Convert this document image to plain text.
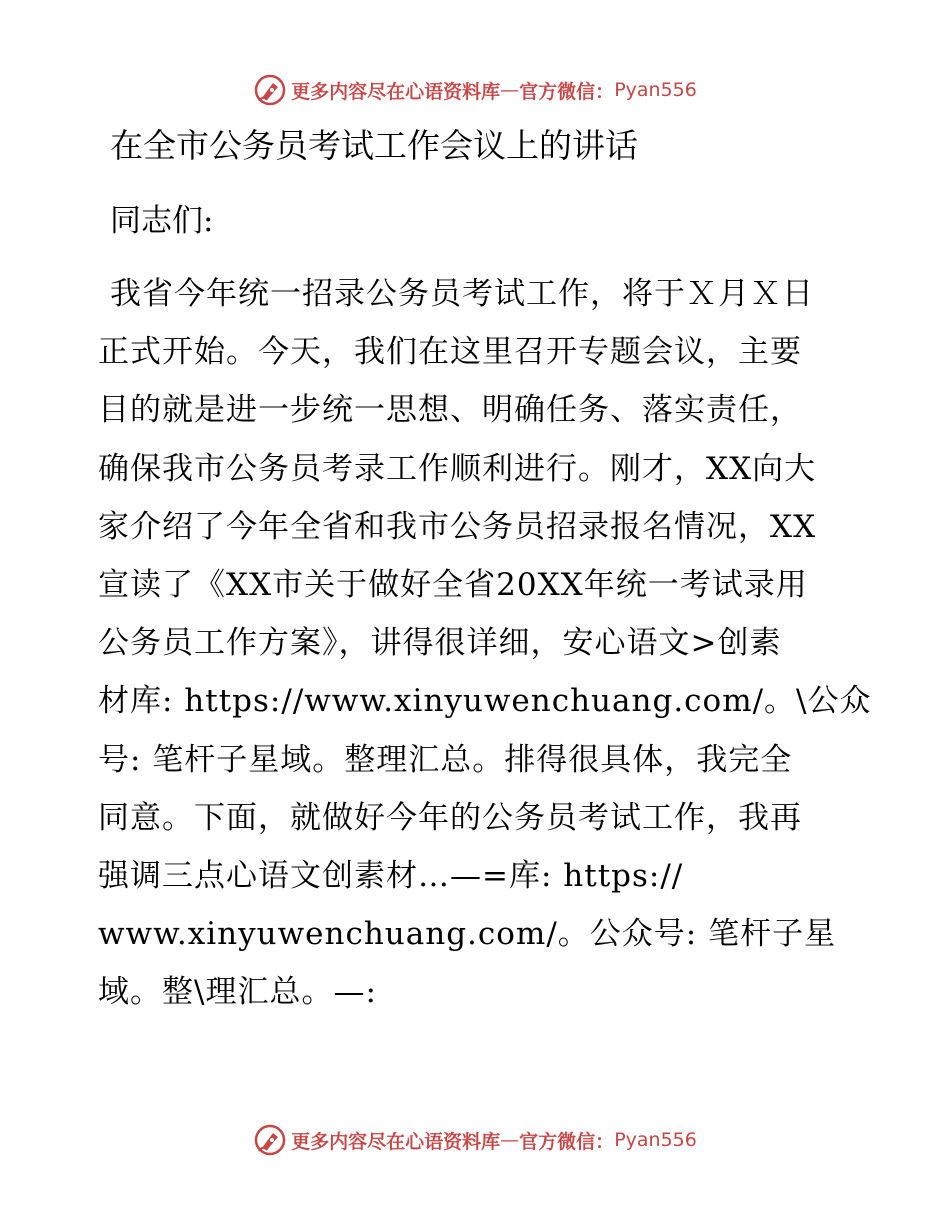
更多内容尽在心语资料库 — 官方微信： Pyan556
在全市公务员考试工作会议上的讲话
同志们:
我省今年统一招录公务员考试工作，将于Ｘ月Ｘ日
正式开始。今天，我们在这里召开专题会议，主要
目的就是进一步统一思想、明确任务、落实责任，
确保我市公务员考录工作顺利进行。刚才，XX向大
家介绍了今年全省和我市公务员招录报名情况，XX
宣读了《XX市关于做好全省20XX年统一考试录用
公务员工作方案》，讲得很详细，安心语文>创素
材库: https://www.xinyuwenchuang.com/。\公众
号: 笔杆子星域。整理汇总。排得很具体，我完全
同意。下面，就做好今年的公务员考试工作，我再
强调三点心语文创素材…—=库: https://
www.xinyuwenchuang.com/。公众号: 笔杆子星
域。整\理汇总。—:
更多内容尽在心语资料库 — 官方微信： Pyan556
